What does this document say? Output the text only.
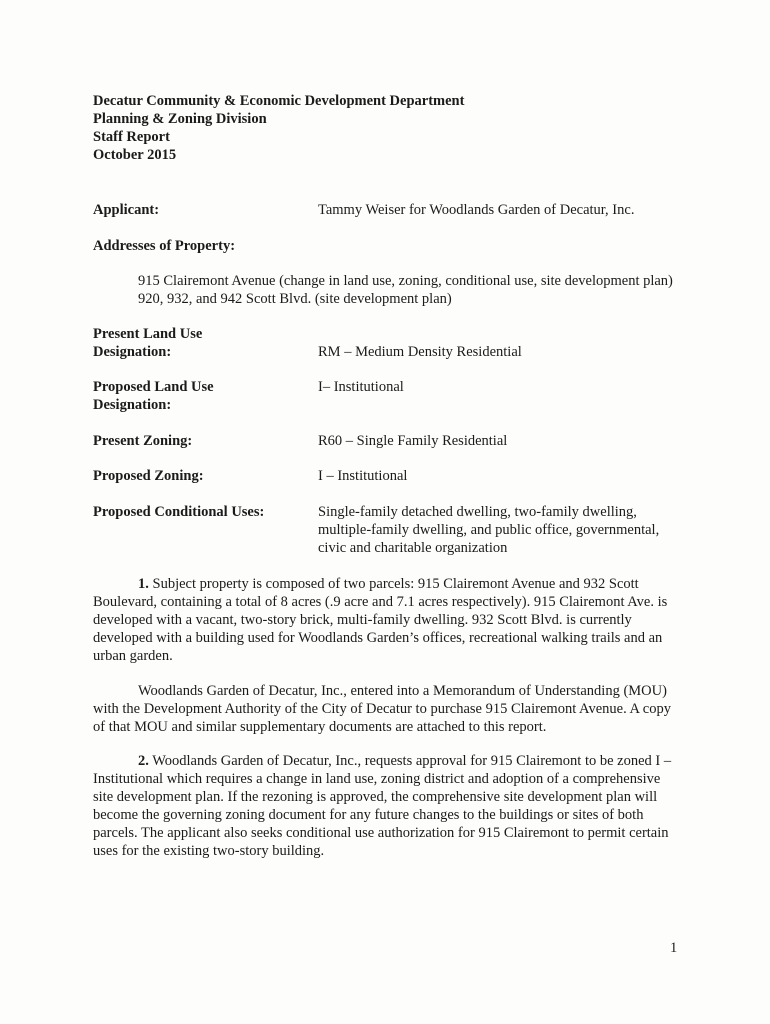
Decatur Community & Economic Development Department
Planning & Zoning Division
Staff Report
October 2015
Applicant:	Tammy Weiser for Woodlands Garden of Decatur, Inc.
Addresses of Property:
915 Clairemont Avenue (change in land use, zoning, conditional use, site development plan)
920, 932, and 942 Scott Blvd. (site development plan)
Present Land Use
Designation:	RM – Medium Density Residential
Proposed Land Use
Designation:
I– Institutional
Present Zoning:	R60 – Single Family Residential
Proposed Zoning:	I – Institutional
Proposed Conditional Uses:	Single-family detached dwelling, two-family dwelling, multiple-family dwelling, and public office, governmental, civic and charitable organization
1. Subject property is composed of two parcels: 915 Clairemont Avenue and 932 Scott Boulevard, containing a total of 8 acres (.9 acre and 7.1 acres respectively). 915 Clairemont Ave. is developed with a vacant, two-story brick, multi-family dwelling. 932 Scott Blvd. is currently developed with a building used for Woodlands Garden’s offices, recreational walking trails and an urban garden.
Woodlands Garden of Decatur, Inc., entered into a Memorandum of Understanding (MOU) with the Development Authority of the City of Decatur to purchase 915 Clairemont Avenue. A copy of that MOU and similar supplementary documents are attached to this report.
2. Woodlands Garden of Decatur, Inc., requests approval for 915 Clairemont to be zoned I – Institutional which requires a change in land use, zoning district and adoption of a comprehensive site development plan. If the rezoning is approved, the comprehensive site development plan will become the governing zoning document for any future changes to the buildings or sites of both parcels. The applicant also seeks conditional use authorization for 915 Clairemont to permit certain uses for the existing two-story building.
1
